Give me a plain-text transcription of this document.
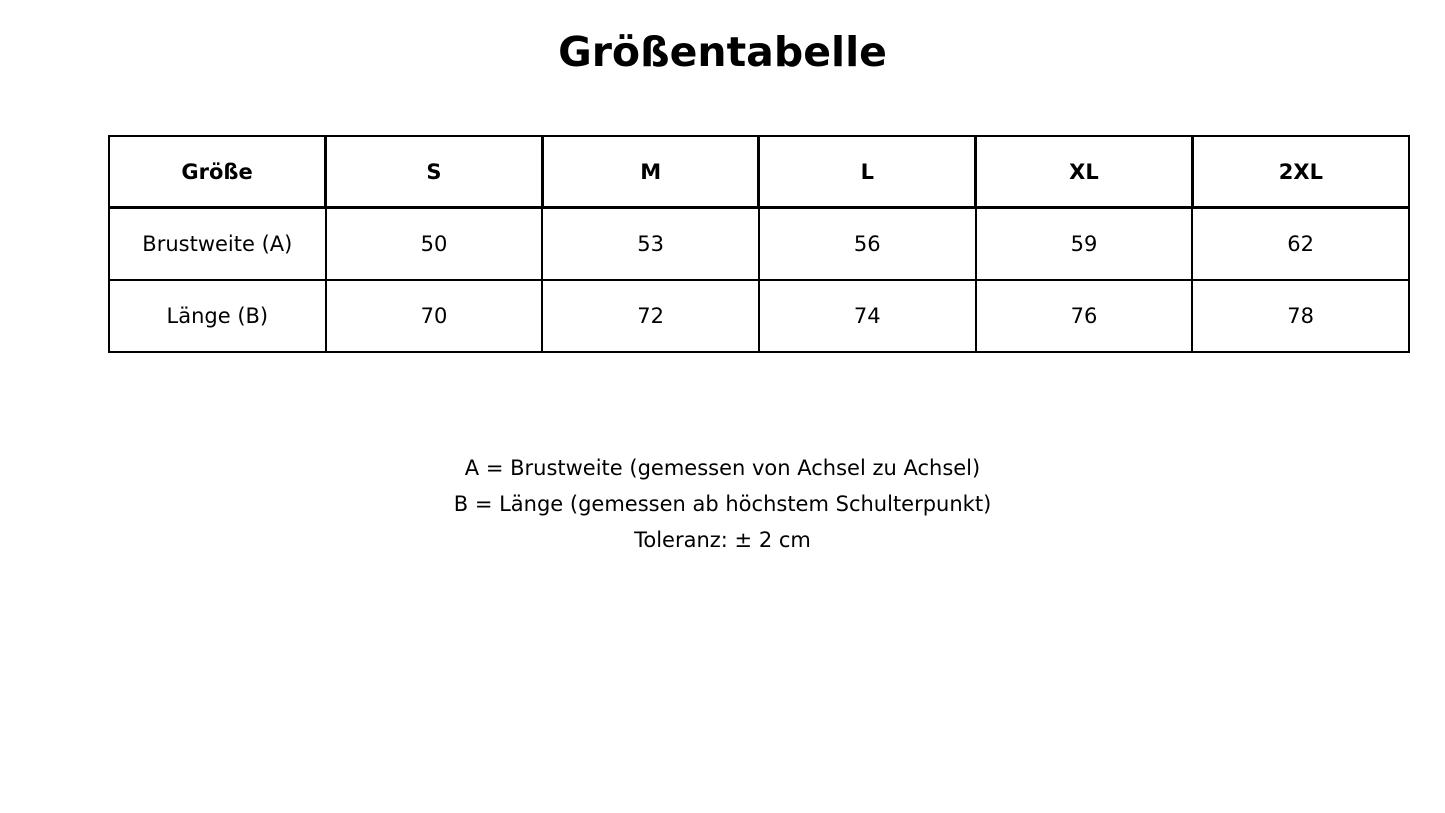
Größentabelle
Größe	S	M	L	XL	2XL
Brustweite (A)	50	53	56	59	62
Länge (B)	70	72	74	76	78
A = Brustweite (gemessen von Achsel zu Achsel)
B = Länge (gemessen ab höchstem Schulterpunkt)
Toleranz: ± 2 cm
